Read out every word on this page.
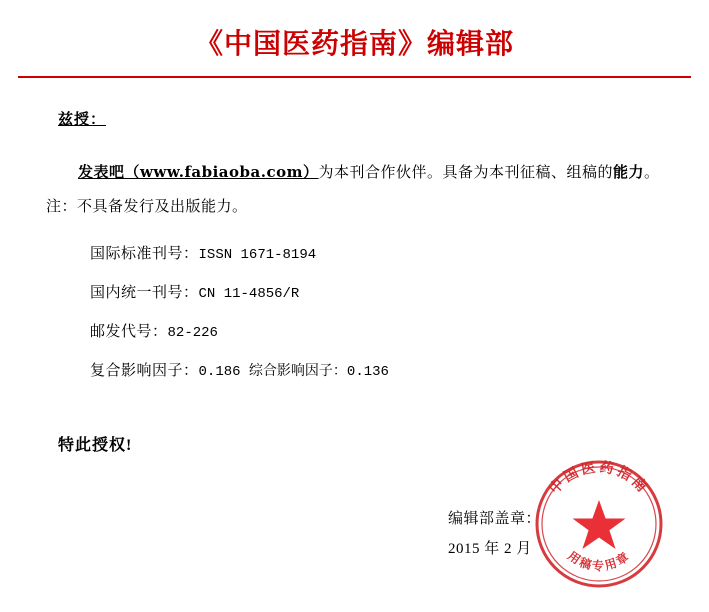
《中国医药指南》编辑部
兹授：
发表吧（www.fabiaoba.com）为本刊合作伙伴。具备为本刊征稿、组稿的能力。注：不具备发行及出版能力。
国际标准刊号：ISSN 1671-8194
国内统一刊号：CN 11-4856/R
邮发代号：82-226
复合影响因子：0.186 综合影响因子：0.136
特此授权!
编辑部盖章：
2015 年 2 月
中国医药指南
用稿专用章
